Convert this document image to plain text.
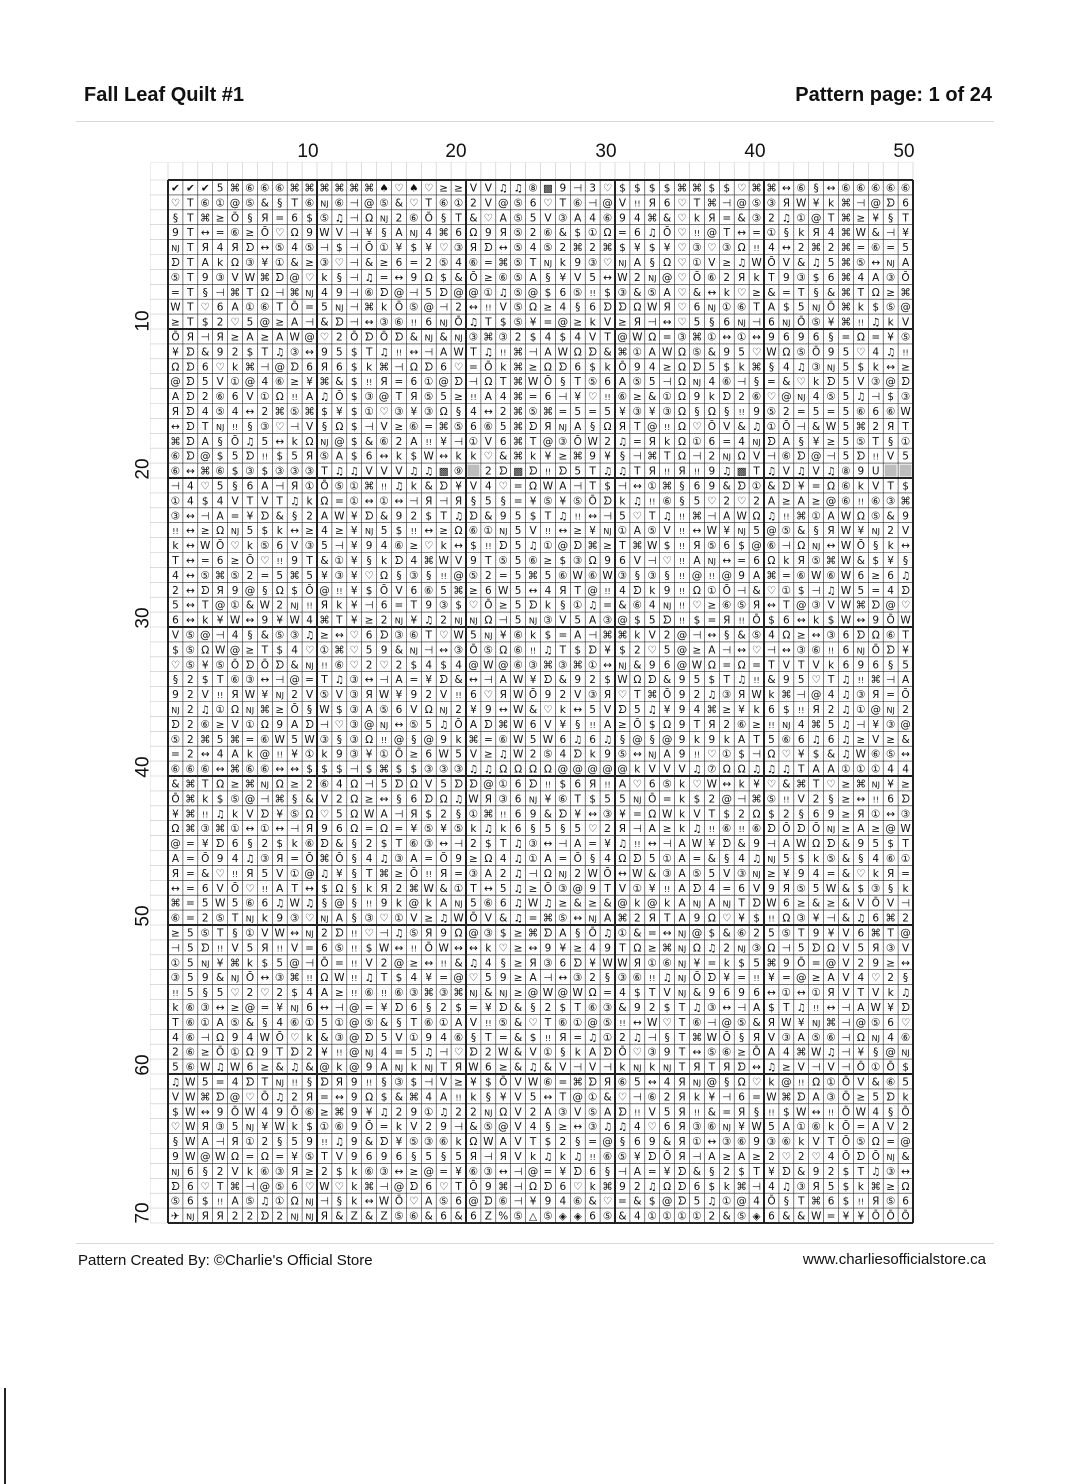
Fall Leaf Quilt #1	Pattern page: 1 of 24
10	20	30	40	50
10
20
30
40
50
60
70
✔ ✔ ✔ 5 ⌘ ⑥ ⑥ ⑥ ⌘ ⌘ ⌘ ⌘ ⌘ ⌘ ♠ ♡ ♠ ♡ ≥ ≥ V V ♫ ♫ ⑧ ▩ 9 ⊣ 3 ♡ $ $ $ $ ⌘ ⌘ $ $ ♡ ⌘ ⌘ ↔ ⑥ § ↔ ⑥ ⑥ ⑥ ⑥ ⑥
♡ T ⑥ ① @ ⑤ & § T ⑥ NJ ⑥ ⊣ @ ⑤ & ♡ T ⑥ ① 2 V @ ⑤ 6 ♡ T ⑥ ⊣ @ V !! Я 6 ♡ T ⌘ ⊣ @ ⑤ ③ Я W ¥ k ⌘ ⊣ @ ᗤ 6
§ T ⌘ ≥ Ō § Я = 6 $ ⑤ ♫ ⊣ Ω NJ 2 ⑥ Ō § T & ♡ A ⑤ 5 V ③ A 4 ⑥ 9 4 ⌘ & ♡ k Я = & ③ 2 ♫ ① @ T ⌘ ≥ ¥ § T
9 T ↔ = ⑥ ≥ Ō ♡ Ω 9 W V ⊣ ¥ § A NJ 4 ⌘ 6 Ω 9 Я ⑤ 2 ⑥ & $ ① Ω = 6 ♫ Ō ♡ !! @ T ↔ = ① § k Я 4 ⌘ W & ⊣ ¥
NJ T Я 4 Я ᗤ ↔ ⑤ 4 ⑤ ⊣ $ ⊣ Ō ① ¥ $ ¥ ♡ ③ Я ᗤ ↔ ⑤ 4 ⑤ 2 ⌘ 2 ⌘ $ ¥ $ ¥ ♡ ③ ♡ ③ Ω !! 4 ↔ 2 ⌘ 2 ⌘ = ⑥ = 5
ᗤ T A k Ω ③ ¥ ① & ≥ ③ ♡ ⊣ & ≥ 6 = 2 ⑤ 4 ⑥ = ⌘ ⑤ T NJ k 9 ③ ♡ NJ A § Ω ♡ ① V ≥ ♫ W Ō V & ♫ 5 ⌘ ⑤ ↔ NJ A
⑤ T 9 ③ V W ⌘ ᗤ @ ♡ k § ⊣ ♫ = ↔ 9 Ω $ & Ō ≥ ⑥ ⑤ A § ¥ V 5 ↔ W 2 NJ @ ♡ Ō ⑥ 2 Я k T 9 ③ $ 6 ⌘ 4 A ③ Ō
= T § ⊣ ⌘ T Ω ⊣ ⌘ NJ 4 9 ⊣ ⑥ ᗤ @ ⊣ 5 ᗤ @ @ ① ♫ ⑤ @ $ 6 ⑤ !! $ ③ & ⑤ A ♡ & ↔ k ♡ ≥ & = T § & ⌘ T Ω ≥ ⌘
W T ♡ 6 A ① ⑥ T Ō = 5 NJ ⊣ ⌘ k Ō ⑤ @ ⊣ 2 ↔ !! V ⑤ Ω ≥ 4 § 6 ᗤ ᗤ Ω W Я ♡ 6 NJ ① ⑥ T A $ 5 NJ Ō ⌘ k $ ⑤ @
≥ T $ 2 ♡ 5 @ ≥ A ⊣ & ᗤ ⊣ ↔ ③ ⑥ !! 6 NJ Ō ♫ T $ ⑤ ¥ = @ ≥ k V ≥ Я ⊣ ↔ ♡ 5 § 6 NJ ⊣ 6 NJ Ō ⑤ ¥ ⌘ !! ♫ k V
Ō Я ⊣ Я ≥ A ≥ A W @ ♡ 2 Ō ᗤ Ō ᗤ & NJ & NJ ③ ⌘ ③ 2 $ 4 $ 4 V T @ W Ω = ③ ⌘ ① ↔ ① ↔ 9 6 9 6 § = Ω = ¥ ⑤
¥ ᗤ & 9 2 $ T ♫ ③ ↔ 9 5 $ T ♫ !! ↔ ⊣ A W T ♫ !! ⌘ ⊣ A W Ω ᗤ & ⌘ ① A W Ω ⑤ & 9 5 ♡ W Ω ⑤ Ō 9 5 ♡ 4 ♫ !!
Ω ᗤ 6 ♡ k ⌘ ⊣ @ ᗤ 6 Я 6 $ k ⌘ ⊣ Ω ᗤ 6 ♡ = Ō k ⌘ ≥ Ω ᗤ 6 $ k Ō 9 4 ≥ Ω ᗤ 5 $ k ⌘ § 4 ♫ ③ NJ 5 $ k ↔ ≥
@ ᗤ 5 V ① @ 4 ⑥ ≥ ¥ ⌘ & $ !! Я = 6 ① @ ᗤ ⊣ Ω T ⌘ W Ō § T ⑤ 6 A ⑤ 5 ⊣ Ω NJ 4 ⑥ ⊣ § = & ♡ k ᗤ 5 V ③ @ ᗤ
A ᗤ 2 ⑥ 6 V ① Ω !! A ♫ Ō $ ③ @ T Я ⑤ 5 ≥ !! A 4 ⌘ = 6 ⊣ ¥ ♡ !! ⑥ ≥ & ① Ω 9 k ᗤ 2 ⑥ ♡ @ NJ 4 ⑤ 5 ♫ ⊣ $ ③
Я ᗤ 4 ⑤ 4 ↔ 2 ⌘ ⑤ ⌘ $ ¥ $ ① ♡ ③ ¥ ③ Ω § 4 ↔ 2 ⌘ ⑤ ⌘ = 5 = 5 ¥ ③ ¥ ③ Ω § Ω § !! 9 ⑤ 2 = 5 = 5 ⑥ 6 ⑥ W
↔ ᗤ T NJ !! § ③ ♡ ⊣ V § Ω $ ⊣ V ≥ ⑥ = ⌘ ⑤ 6 ⑥ 5 ⌘ ᗤ Я NJ A § Ω Я T @ !! Ω ♡ Ō V & ♫ ① Ō ⊣ & W 5 ⌘ 2 Я T
⌘ ᗤ A § Ō ♫ 5 ↔ k Ω NJ @ $ & ⑥ 2 A !! ¥ ⊣ ① V 6 ⌘ T @ ③ Ō W 2 ♫ = Я k Ω ① 6 = 4 NJ ᗤ A § ¥ ≥ 5 ⑤ T § ①
⑥ ᗤ @ $ 5 ᗤ !! $ 5 Я ⑤ A $ 6 ↔ k $ W ↔ k k ♡ & ⌘ k ¥ ≥ ⌘ 9 ¥ § ⊣ ⌘ T Ω ⊣ 2 NJ Ω V ⊣ ⑥ ᗤ @ ⊣ 5 ᗤ !! V 5
⑥ ↔ ⌘ ⑥ $ ③ $ ③ ③ ③ T ♫ ♫ V V V ♫ ♫ ▩ ⑨ 2 ᗤ ▩ ᗤ !! ᗤ 5 T ♫ ♫ T Я !! Я !! 9 ♫ ▩ T ♫ V ♫ V ♫ ⑧ 9 U
⊣ 4 ♡ 5 § 6 A ⊣ Я ① Ō ⑤ ① ⌘ !! ♫ k & ᗤ ¥ V 4 ♡ = Ω W A ⊣ T $ ⊣ ↔ ① ⌘ § 6 9 & ᗤ ① & ᗤ ¥ = Ω ⑥ k V T $
① 4 $ 4 V T V T ♫ k Ω = ① ↔ ① ↔ ⊣ Я ⊣ Я § 5 § = ¥ ⑤ ¥ ⑤ Ō ᗤ k ♫ !! ⑥ § 5 ♡ 2 ♡ 2 A ≥ A ≥ @ ⑥ !! ⑥ ③ ⌘
③ ↔ ⊣ A = ¥ ᗤ & § 2 A W ¥ ᗤ & 9 2 $ T ♫ ᗤ & 9 5 $ T ♫ !! ↔ ⊣ 5 ♡ T ♫ !! ⌘ ⊣ A W Ω ♫ !! ⌘ ① A W Ω ⑤ & 9
!! ↔ ≥ Ω NJ 5 $ k ↔ ≥ 4 ≥ ¥ NJ 5 $ !! ↔ ≥ Ω ⑥ ① NJ 5 V !! ↔ ≥ ¥ NJ ① A ⑤ V !! ↔ W ¥ NJ 5 @ ⑤ & § Я W ¥ NJ 2 V
k ↔ W Ō ♡ k ⑤ 6 V ③ 5 ⊣ ¥ 9 4 ⑥ ≥ ♡ k ↔ $ !! ᗤ 5 ♫ ① @ ᗤ ⌘ ≥ T ⌘ W $ !! Я ⑤ 6 $ @ ⑥ ⊣ Ω NJ ↔ W Ō § k ↔
T ↔ = 6 ≥ Ō ♡ !! 9 T & ① ¥ § k ᗤ 4 ⌘ W V 9 T ⑤ 5 ⑥ ≥ $ ③ Ω 9 6 V ⊣ ♡ !! A NJ ↔ = 6 Ω k Я ⑤ ⌘ W & $ ¥ §
4 ↔ ⑤ ⌘ ⑤ 2 = 5 ⌘ 5 ¥ ③ ¥ ♡ Ω § ③ § !! @ ⑤ 2 = 5 ⌘ 5 ⑥ W ⑥ W ③ § ③ § !! @ !! @ 9 A ⌘ = ⑥ W ⑥ W 6 ≥ 6 ♫
2 ↔ ᗤ Я 9 @ § Ω $ Ō @ !! ¥ $ Ō V 6 ⑥ 5 ⌘ ≥ 6 W 5 ↔ 4 Я T @ !! 4 ᗤ k 9 !! Ω ① Ō ⊣ & ♡ ① $ ⊣ ♫ W 5 = 4 ᗤ
5 ↔ T @ ① & W 2 NJ !! Я k ¥ ⊣ 6 = T 9 ③ $ ♡ Ō ≥ 5 ᗤ k § ① ♫ = & ⑥ 4 NJ !! ♡ ≥ ⑥ ⑤ Я ↔ T @ ③ V W ⌘ ᗤ @ ♡
6 ↔ k ¥ W ↔ 9 ¥ W 4 ⌘ T ¥ ≥ 2 NJ ¥ ♫ 2 NJ NJ Ω ⊣ 5 NJ ③ V 5 A ③ @ $ 5 ᗤ !! $ = Я !! Ō $ 6 ↔ k $ W ↔ 9 Ō W
V ⑤ @ ⊣ 4 § & ⑤ ③ ♫ ≥ ↔ ♡ 6 ᗤ ③ ⑥ T ♡ W 5 NJ ¥ ⑥ k $ = A ⊣ ⌘ ⌘ k V 2 @ ⊣ ↔ § & ⑤ 4 Ω ≥ ↔ ③ 6 ᗤ Ω ⑥ T
$ ⑤ Ω W @ ≥ T $ 4 ♡ ① ⌘ ♡ 5 9 & NJ ⊣ ↔ ③ Ō ⑤ Ω ⑥ !! ♫ T $ ᗤ ¥ $ 2 ♡ 5 @ ≥ A ⊣ ↔ ♡ ⊣ ↔ ③ ⑥ !! 6 NJ Ō ᗤ ¥
♡ ⑤ ¥ ⑤ Ō ᗤ Ō ᗤ & NJ !! ⑥ ♡ 2 ♡ 2 $ 4 $ 4 @ W @ ⑥ ③ ⌘ ③ ⌘ ① ↔ NJ & 9 6 @ W Ω = Ω = T V T V k 6 9 6 § 5
§ 2 $ T ⑥ ③ ↔ ⊣ @ = T ♫ ③ ↔ ⊣ A = ¥ ᗤ & ↔ ⊣ A W ¥ ᗤ & 9 2 $ W Ω ᗤ & 9 5 $ T ♫ !! & 9 5 ♡ T ♫ !! ⌘ ⊣ A
9 2 V !! Я W ¥ NJ 2 V ⑤ V ③ Я W ¥ 9 2 V !! 6 ♡ Я W Ō 9 2 V ③ Я ♡ T ⌘ Ō 9 2 ♫ ③ Я W k ⌘ ⊣ @ 4 ♫ ③ Я = Ō
NJ 2 ♫ ① Ω NJ ⌘ ≥ Ō § W $ ③ A ⑤ 6 V Ω NJ 2 ¥ 9 ↔ W & ♡ k ↔ 5 V ᗤ 5 ♫ ¥ 9 4 ⌘ ≥ ¥ k 6 $ !! Я 2 ♫ ① @ NJ 2
ᗤ 2 ⑥ ≥ V ① Ω 9 A ᗤ ⊣ ♡ ③ @ NJ ↔ ⑤ 5 ♫ Ō A ᗤ ⌘ W 6 V ¥ § !! A ≥ Ō $ Ω 9 T Я 2 ⑥ ≥ !! NJ 4 ⌘ 5 ♫ ⊣ ¥ ③ @
⑤ 2 ⌘ 5 ⌘ = ⑥ W 5 W ③ § ③ Ω !! @ § @ 9 k ⌘ = ⑥ W 5 W 6 ♫ 6 ♫ § @ § @ 9 k 9 k A T 5 ⑥ 6 ♫ 6 ♫ ≥ V ≥ &
= 2 ↔ 4 A k @ !! ¥ ① k 9 ③ ¥ ① Ō ≥ 6 W 5 V ≥ ♫ W 2 ⑤ 4 ᗤ k 9 ⑤ ↔ NJ A 9 !! ♡ ① $ ⊣ Ω ♡ ¥ $ & ♫ W ⑥ ⑤ ↔
⑥ ⑥ ⑥ ↔ ⌘ ⑥ ⑥ ↔ ↔ $ $ $ ⊣ $ ⌘ $ $ ③ ③ ③ ♫ ♫ Ω Ω Ω Ω @ @ @ @ @ k V V V ♫ ⑦ Ω Ω ♫ ♫ ♫ T A A ① ① ① 4 4
& ⌘ T Ω ≥ ⌘ NJ Ω ≥ 2 ⑥ 4 Ω ⊣ 5 ᗤ Ω V 5 ᗤ ᗤ @ ① 6 ᗤ !! $ 6 Я !! A ♡ 6 ⑤ k ♡ W ↔ k ¥ ♡ & ⌘ T ♡ ≥ ⌘ NJ ¥ ≥
Ō ⌘ k $ ⑤ @ ⊣ ⌘ § & V 2 Ω ≥ ↔ § 6 ᗤ Ω ♫ W Я ③ 6 NJ ¥ ⑥ T $ 5 5 NJ Ō = k $ 2 @ ⊣ ⌘ ⑤ !! V 2 § ≥ ↔ !! 6 ᗤ
¥ ⌘ !! ♫ k V ᗤ ¥ ⑤ Ω ♡ 5 Ω W A ⊣ Я $ 2 § ① ⌘ !! 6 9 & ᗤ ¥ ↔ ③ ¥ = Ω W k V T $ 2 Ω $ 2 § 6 9 ≥ Я ① ↔ ③
Ω ⌘ ③ ⌘ ① ↔ ① ↔ ⊣ Я 9 6 Ω = Ω = ¥ ⑤ ¥ ⑤ k ♫ k 6 § 5 § 5 ♡ 2 Я ⊣ A ≥ k ♫ !! ⑥ !! ⑥ ᗤ Ō ᗤ Ō NJ ≥ A ≥ @ W
@ = ¥ ᗤ 6 § 2 $ k ⑥ ᗤ & § 2 $ T ⑥ ③ ↔ ⊣ 2 $ T ♫ ③ ↔ ⊣ A = ¥ ♫ !! ↔ ⊣ A W ¥ ᗤ & 9 ⊣ A W Ω ᗤ & 9 5 $ T
A = Ō 9 4 ♫ ③ Я = Ō ⌘ Ō § 4 ♫ ③ A = Ō 9 ≥ Ω 4 ♫ ① A = Ō § 4 Ω ᗤ 5 ① A = & § 4 ♫ NJ 5 $ k ⑤ & § 4 ⑥ ①
Я = & ♡ !! Я 5 V ① @ ♫ ¥ § T ⌘ ≥ Ō !! Я = ③ A 2 ♫ ⊣ Ω NJ 2 W Ō ↔ W & ③ A ⑤ 5 V ③ NJ ≥ ¥ 9 4 = & ♡ k Я =
↔ = 6 V Ō ♡ !! A T ↔ $ Ω § k Я 2 ⌘ W & ① T ↔ 5 ♫ ≥ Ō ③ @ 9 T V ① ¥ !! A ᗤ 4 = 6 V 9 Я ⑤ 5 W & $ ③ § k
⌘ = 5 W 5 ⑥ 6 ♫ W ♫ § @ § !! 9 k @ k A NJ 5 ⑥ 6 ♫ W ♫ ≥ & ≥ & @ k @ k A NJ A NJ T ᗤ W 6 ≥ & ≥ & V Ō V ⊣
⑥ = 2 ⑤ T NJ k 9 ③ ♡ NJ A § ③ ♡ ① V ≥ ♫ W Ō V & ♫ = ⌘ ⑤ ↔ NJ A ⌘ 2 Я T A 9 Ω ♡ ¥ $ !! Ω ③ ¥ ⊣ & ♫ 6 ⌘ 2
≥ 5 ⑤ T § ① V W ↔ NJ 2 ᗤ !! ♡ ⊣ ♫ ⑤ Я 9 Ω @ ③ $ ≥ ⌘ ᗤ A § Ō ♫ ① & = ↔ NJ @ $ & ⑥ 2 5 ⑤ T 9 ¥ V 6 ⌘ T @
⊣ 5 ᗤ !! V 5 Я !! V = 6 ⑤ !! $ W ↔ !! Ō W ↔ ↔ k ♡ ≥ ↔ 9 ¥ ≥ 4 9 T Ω ≥ ⌘ NJ Ω ♫ 2 NJ ③ Ω ⊣ 5 ᗤ Ω V 5 Я ③ V
① 5 NJ ¥ ⌘ k $ 5 @ ⊣ Ō = !! V 2 @ ≥ ↔ !! & ♫ 4 § ≥ Я ③ 6 ᗤ ¥ W W Я ① ⑥ NJ ¥ = k $ 5 ⌘ 9 Ō = @ V 2 9 ≥ ↔
③ 5 9 & NJ Ō ↔ ③ ⌘ !! Ω W !! ♫ T $ 4 ¥ = @ ♡ 5 9 ≥ A ⊣ ↔ ③ 2 § ③ ⑥ !! ♫ NJ Ō ᗤ ¥ = !! ¥ = @ ≥ A V 4 ♡ 2 §
!! 5 § 5 ♡ 2 ♡ 2 $ 4 A ≥ !! ⑥ !! ⑥ ③ ⌘ ③ ⌘ NJ & NJ ≥ @ W @ W Ω = 4 $ T V NJ & 9 6 9 6 ↔ ① ↔ ① Я V T V k ♫
k ⑥ ③ ↔ ≥ @ = ¥ NJ 6 ↔ ⊣ @ = ¥ ᗤ 6 § 2 $ = ¥ ᗤ & § 2 $ T ⑥ ③ & 9 2 $ T ♫ ③ ↔ ⊣ A $ T ♫ !! ↔ ⊣ A W ¥ ᗤ
T ⑥ ① A ⑤ & § 4 ⑥ ① 5 ① @ ⑤ & § T ⑥ ① A V !! ⑤ & ♡ T ⑥ ① @ ⑤ !! ↔ W ♡ T ⑥ ⊣ @ ⑤ & Я W ¥ NJ ⌘ ⊣ @ ⑤ 6 ♡
4 ⑥ ⊣ Ω 9 4 W Ō ♡ k & ③ @ ᗤ 5 V ① 9 4 ⑥ § T = & $ !! Я = ♫ ① 2 ♫ ⊣ § T ⌘ W Ō § Я V ③ A ⑤ ⑥ ⊣ Ω NJ 4 ⑥
2 ⑥ ≥ Ō ① Ω 9 T ᗤ 2 ¥ !! @ NJ 4 = 5 ♫ ⊣ ♡ ᗤ 2 W & V ① § k A ᗤ Ō ♡ ③ 9 T ↔ ⑤ ⑥ ≥ Ō A 4 ⌘ W ♫ ⊣ ¥ § @ NJ
5 ⑥ W ♫ W 6 ≥ & ♫ & @ k @ 9 A NJ k NJ T Я W 6 ≥ & ♫ & V ⊣ V ⊣ k NJ k NJ T Я T Я ᗤ ↔ ♫ ≥ V ⊣ V ⊣ Ō ① Ō $
♫ W 5 = 4 ᗤ T NJ !! § ᗤ Я 9 !! § ③ $ ⊣ V ≥ ¥ $ Ō V W ⑥ = ⌘ ᗤ Я ⑥ 5 ↔ 4 Я NJ @ § Ω ♡ k @ !! Ω ① Ō V & ⑥ 5
V W ⌘ ᗤ @ ♡ Ō ♫ 2 Я = ↔ 9 Ω $ & ⌘ 4 A !! k § ¥ V 5 ↔ T @ ① & ♡ ⊣ ⑥ 2 Я k ¥ ⊣ 6 = W ⌘ ᗤ A ③ Ō ≥ 5 ᗤ k
$ W ↔ 9 Ō W 4 9 Ō ⑥ ≥ ⌘ 9 ¥ ♫ 2 9 ① ♫ 2 2 NJ Ω V 2 A ③ V ⑤ A ᗤ !! V 5 Я !! & = Я § !! $ W ↔ !! Ō W 4 § Ō
♡ W Я ③ 5 NJ ¥ W k $ ① ⑥ 9 Ō = k V 2 9 ⊣ & ⑤ @ V 4 § ≥ ↔ ③ ♫ ♫ 4 ♡ 6 Я ③ ⑥ NJ ¥ W 5 A ① ⑥ k Ō = A V 2
§ W A ⊣ Я ① 2 § 5 9 !! ♫ 9 & ᗤ ¥ ⑤ ③ ⑥ k Ω W A V T $ 2 § = @ § 6 9 & Я ① ↔ ③ ⑥ 9 ③ ⑥ k V T Ō ⑤ Ω = @
9 W @ W Ω = Ω = ¥ ⑤ T V 9 6 9 6 § 5 § 5 Я ⊣ Я V k ♫ k ♫ !! ⑥ ⑤ ¥ ᗤ Ō Я ⊣ A ≥ A ≥ 2 ♡ 2 ♡ 4 Ō ᗤ Ō NJ &
NJ 6 § 2 V k ⑥ ③ Я ≥ 2 $ k ⑥ ③ ↔ ≥ @ = ¥ ⑥ ③ ↔ ⊣ @ = ¥ ᗤ 6 § ⊣ A = ¥ ᗤ & § 2 $ T ¥ ᗤ & 9 2 $ T ♫ ③ ↔
ᗤ 6 ♡ T ⌘ ⊣ @ ⑤ 6 ♡ W ♡ k ⌘ ⊣ @ ᗤ 6 ♡ T Ō 9 ⌘ ⊣ Ω ᗤ 6 ♡ k ⌘ 9 2 ♫ Ω ᗤ 6 $ k ⌘ ⊣ 4 ♫ ③ Я 5 $ k ⌘ ≥ Ω
⑤ 6 $ !! A ⑤ ♫ ① Ω NJ ⊣ § k ↔ W Ō ♡ A ⑤ 6 @ ᗤ ⑥ ⊣ ¥ 9 4 ⑥ & ♡ = & $ @ ᗤ 5 ♫ ① @ 4 Ō § T ⌘ 6 $ !! Я ⑤ 6
✈ NJ Я Я 2 2 ᗤ 2 NJ NJ Я & Z & Z ⑤ ⑥ & 6 & 6 Z % ⑤ △ ⑤ ◈ ◈ 6 ⑤ & 4 ① ① ① ① 2 & ⑤ ◈ 6 & & W = ¥ ¥ Ō Ō Ō
Pattern Created By: ©Charlie's Official Store	www.charliesofficialstore.ca
